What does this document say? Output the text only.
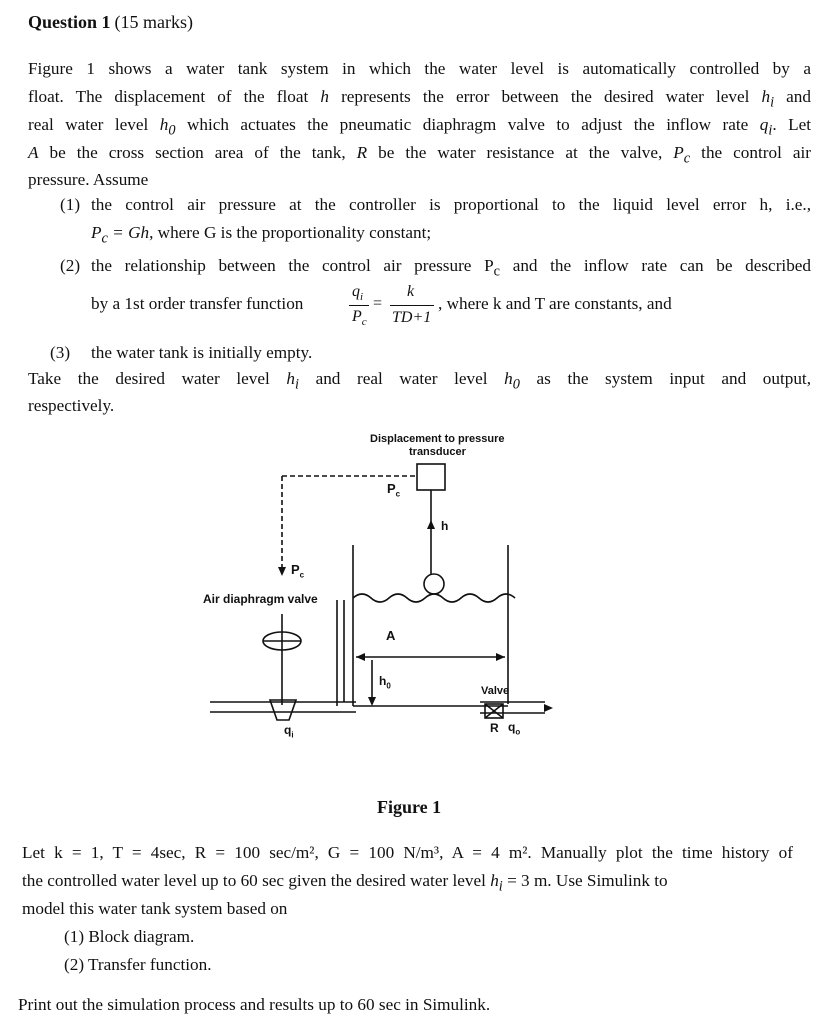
Question 1 (15 marks)
Figure 1 shows a water tank system in which the water level is automatically controlled by a
float. The displacement of the float h represents the error between the desired water level $h_i$ and
real water level $h_0$ which actuates the pneumatic diaphragm valve to adjust the inflow rate $q_i$. Let
A be the cross section area of the tank, R be the water resistance at the valve, $P_c$ the control air
pressure. Assume
(1) the control air pressure at the controller is proportional to the liquid level error h, i.e.,
$P_c = Gh$, where G is the proportionality constant;
(2) the relationship between the control air pressure $P_c$ and the inflow rate can be described
by a 1st order transfer function
$q_i$
$P_c$
=
k
TD+1
, where k and T are constants, and
(3) the water tank is initially empty.
Take the desired water level $h_i$ and real water level $h_0$ as the system input and output,
respectively.
Displacement to pressure
transducer
$P_c$
h
$P_c$
Air diaphragm valve
A
$h_0$	Valve
R $q_o$
$q_i$
Figure 1
Let k = 1, T = 4sec, R = 100 sec/m², G = 100 N/m³, A = 4 m². Manually plot the time history of
the controlled water level up to 60 sec given the desired water level $h_i = 3$ m. Use Simulink to
model this water tank system based on
(1) Block diagram.
(2) Transfer function.
Print out the simulation process and results up to 60 sec in Simulink.
